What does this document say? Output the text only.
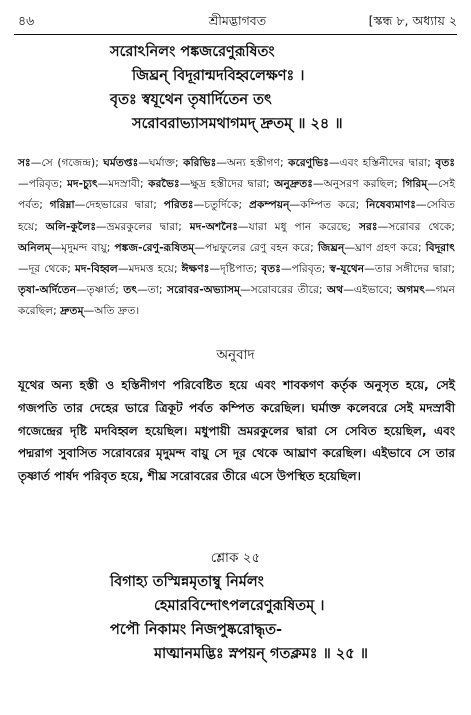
৪৬	শ্রীমদ্ভাগবত	[স্কন্ধ ৮, অধ্যায় ২
সরোঽনিলং পঙ্কজরেণুরূষিতং
জিঘ্রন্ বিদূরান্মদবিহ্বলেক্ষণঃ ।
বৃতঃ স্বযূথেন তৃষার্দিতেন তৎ
সরোবরাভ্যাসমথাগমদ্ দ্রুতম্ ॥ ২৪ ॥
সঃ—সে (গজেন্দ্র); ঘর্মতপ্তঃ—ঘর্মাক্ত; করিভিঃ—অন্য হস্তীগণ; করেণুভিঃ—এবং হস্তিনীদের দ্বারা; বৃতঃ—পরিবৃত; মদ-চ্যুৎ—মদস্রাবী; করভৈঃ—ক্ষুদ্র হস্তীদের দ্বারা; অনুদ্রুতঃ—অনুসরণ করছিল; গিরিম্—সেই পর্বত; গরিম্না—দেহভারের দ্বারা; পরিতঃ—চতুর্দিকে; প্রকম্পয়ন্—কম্পিত করে; নিষেব্যমাণঃ—সেবিত হয়ে; অলি-কুলৈঃ—ভ্রমরকুলের দ্বারা; মদ-অশনৈঃ—যারা মধু পান করেছে; সরঃ—সরোবর থেকে; অনিলম্—মৃদুমন্দ বায়ু; পঙ্কজ-রেণু-রূষিতম্—পদ্মফুলের রেণু বহন করে; জিঘ্রন্—ঘ্রাণ গ্রহণ করে; বিদূরাৎ—দূর থেকে; মদ-বিহ্বল—মদমত্ত হয়ে; ঈক্ষণঃ—দৃষ্টিপাত; বৃতঃ—পরিবৃত; স্ব-যূথেন—তার সঙ্গীদের দ্বারা; তৃষা-অর্দিতেন—তৃষ্ণার্ত; তৎ—তা; সরোবর-অভ্যাসম্—সরোবরের তীরে; অথ—এইভাবে; অগমৎ—গমন করেছিল; দ্রুতম্—অতি দ্রুত।
অনুবাদ
যূথের অন্য হস্তী ও হস্তিনীগণ পরিবেষ্টিত হয়ে এবং শাবকগণ কর্তৃক অনুসৃত হয়ে, সেই গজপতি তার দেহের ভারে ত্রিকূট পর্বত কম্পিত করেছিল। ঘর্মাক্ত কলেবরে সেই মদস্রাবী গজেন্দ্রের দৃষ্টি মদবিহ্বল হয়েছিল। মধুপায়ী ভ্রমরকুলের দ্বারা সে সেবিত হয়েছিল, এবং পদ্মরাগ সুবাসিত সরোবরের মৃদুমন্দ বায়ু সে দূর থেকে আঘ্রাণ করেছিল। এইভাবে সে তার তৃষ্ণার্ত পার্ষদ পরিবৃত হয়ে, শীঘ্র সরোবরের তীরে এসে উপস্থিত হয়েছিল।
শ্লোক ২৫
বিগাহ্য তস্মিন্নমৃতাম্বু নির্মলং
হেমারবিন্দোৎপলরেণুরূষিতম্ ।
পপৌ নিকামং নিজপুষ্করোদ্ধৃত-
মাত্মানমদ্ভিঃ স্নপয়ন্ গতক্লমঃ ॥ ২৫ ॥
